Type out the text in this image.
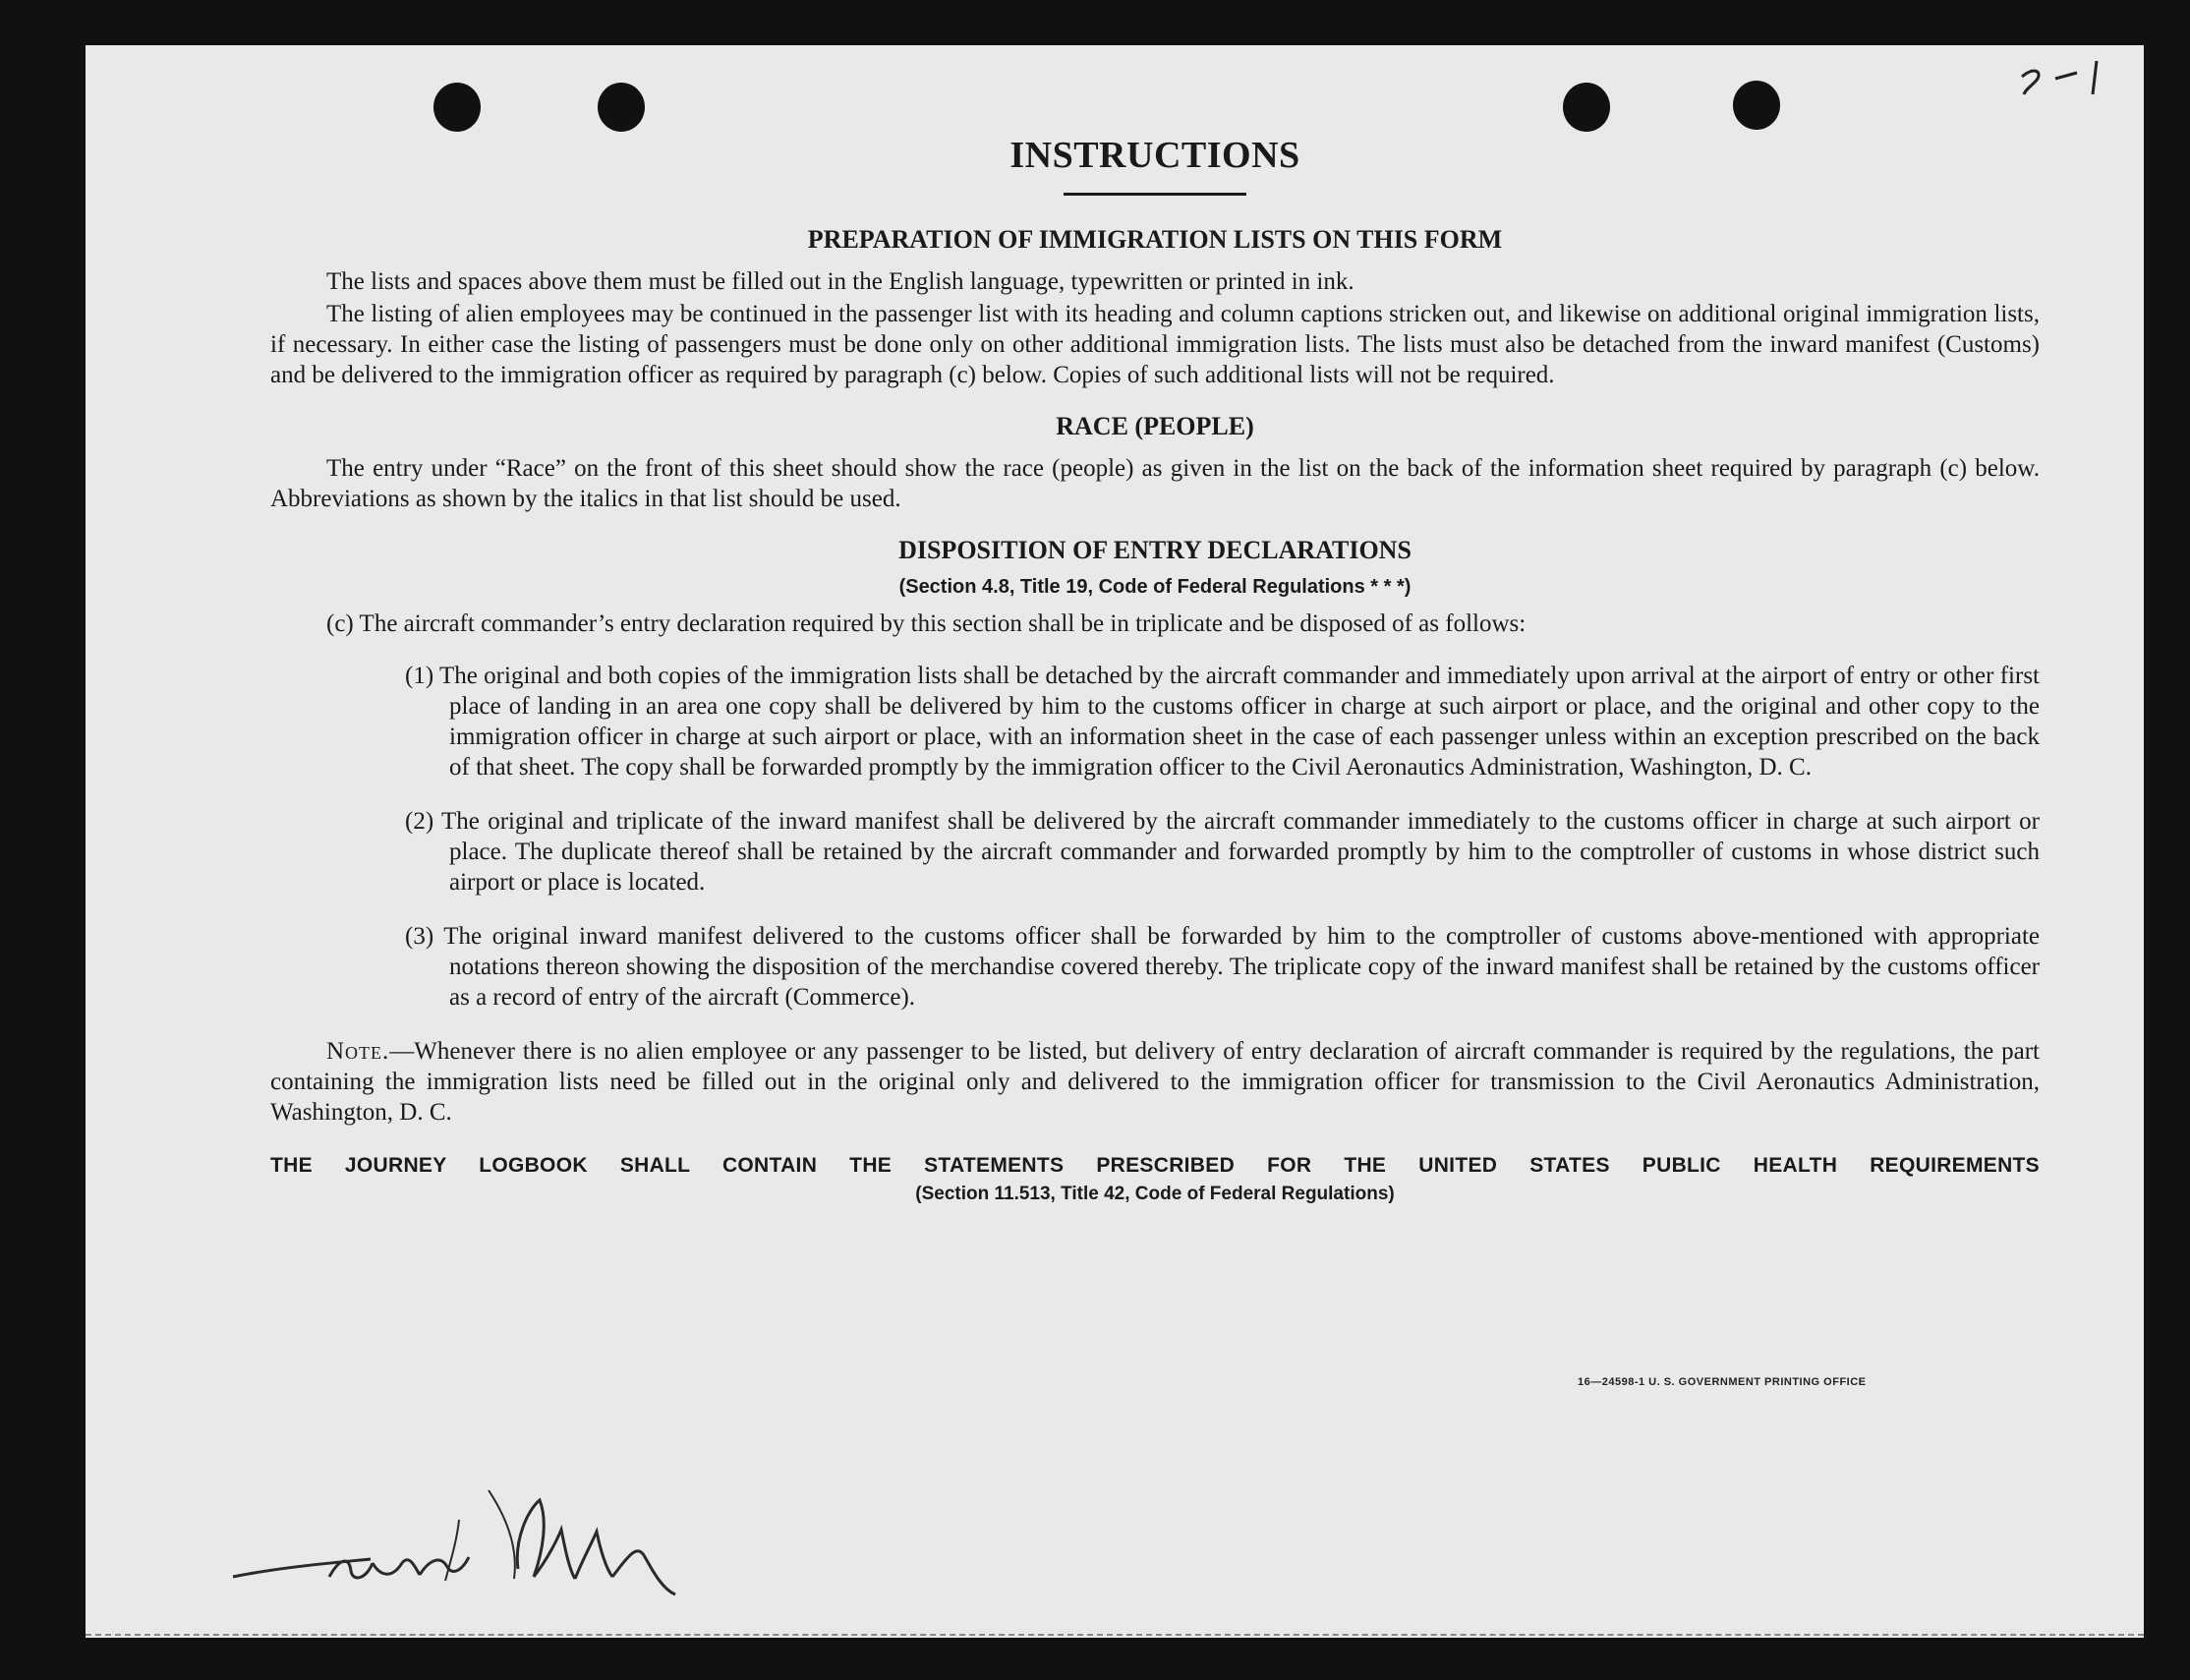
INSTRUCTIONS
PREPARATION OF IMMIGRATION LISTS ON THIS FORM

The lists and spaces above them must be filled out in the English language, typewritten or printed in ink.

The listing of alien employees may be continued in the passenger list with its heading and column captions stricken out, and likewise on additional original immigration lists, if necessary. In either case the listing of passengers must be done only on other additional immigration lists. The lists must also be detached from the inward manifest (Customs) and be delivered to the immigration officer as required by paragraph (c) below. Copies of such additional lists will not be required.

RACE (PEOPLE)

The entry under “Race” on the front of this sheet should show the race (people) as given in the list on the back of the information sheet required by paragraph (c) below. Abbreviations as shown by the italics in that list should be used.

DISPOSITION OF ENTRY DECLARATIONS

(Section 4.8, Title 19, Code of Federal Regulations * * *)

(c) The aircraft commander’s entry declaration required by this section shall be in triplicate and be disposed of as follows:

(1) The original and both copies of the immigration lists shall be detached by the aircraft commander and immediately upon arrival at the airport of entry or other first place of landing in an area one copy shall be delivered by him to the customs officer in charge at such airport or place, and the original and other copy to the immigration officer in charge at such airport or place, with an information sheet in the case of each passenger unless within an exception prescribed on the back of that sheet. The copy shall be forwarded promptly by the immigration officer to the Civil Aeronautics Administration, Washington, D. C.

(2) The original and triplicate of the inward manifest shall be delivered by the aircraft commander immediately to the customs officer in charge at such airport or place. The duplicate thereof shall be retained by the aircraft commander and forwarded promptly by him to the comptroller of customs in whose district such airport or place is located.

(3) The original inward manifest delivered to the customs officer shall be forwarded by him to the comptroller of customs above-mentioned with appropriate notations thereon showing the disposition of the merchandise covered thereby. The triplicate copy of the inward manifest shall be retained by the customs officer as a record of entry of the aircraft (Commerce).

Note.—Whenever there is no alien employee or any passenger to be listed, but delivery of entry declaration of aircraft commander is required by the regulations, the part containing the immigration lists need be filled out in the original only and delivered to the immigration officer for transmission to the Civil Aeronautics Administration, Washington, D. C.

THE JOURNEY LOGBOOK SHALL CONTAIN THE STATEMENTS PRESCRIBED FOR THE UNITED STATES PUBLIC HEALTH REQUIREMENTS

(Section 11.513, Title 42, Code of Federal Regulations)

16—24598-1 U. S. GOVERNMENT PRINTING OFFICE
